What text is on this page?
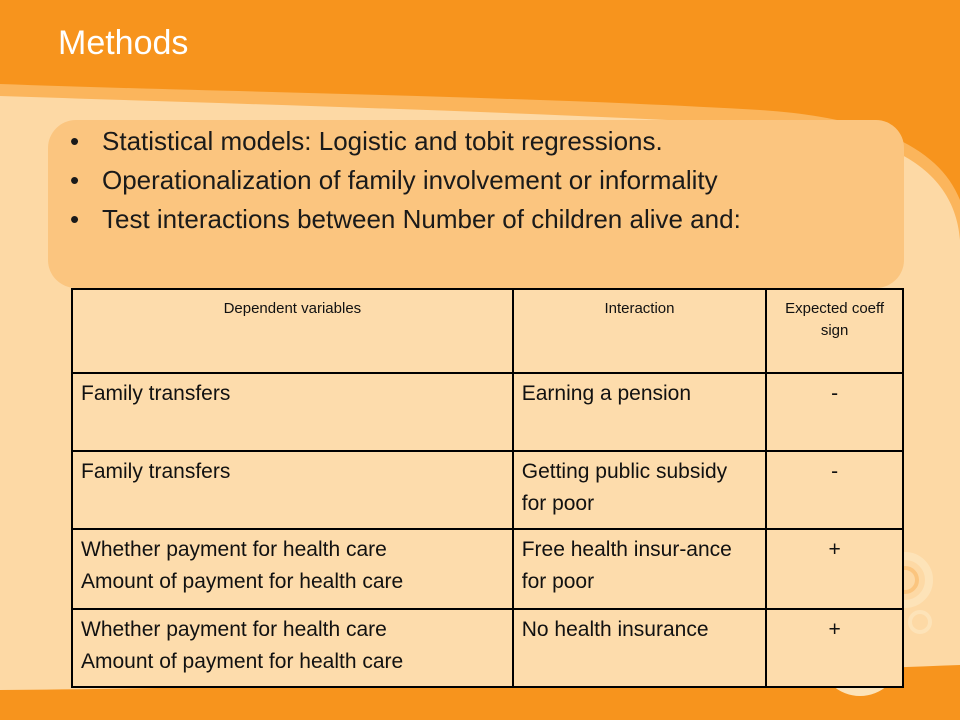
Methods
• Statistical models: Logistic and tobit regressions.
• Operationalization of family involvement or informality
• Test interactions between Number of children alive and:
Dependent variables	Interaction	Expected coeff sign

Family transfers	Earning a pension	-

Family transfers	Getting public subsidy for poor	-

Whether payment for health care
Amount of payment for health care	Free health insur-ance for poor	+

Whether payment for health care
Amount of payment for health care	No health insurance	+
